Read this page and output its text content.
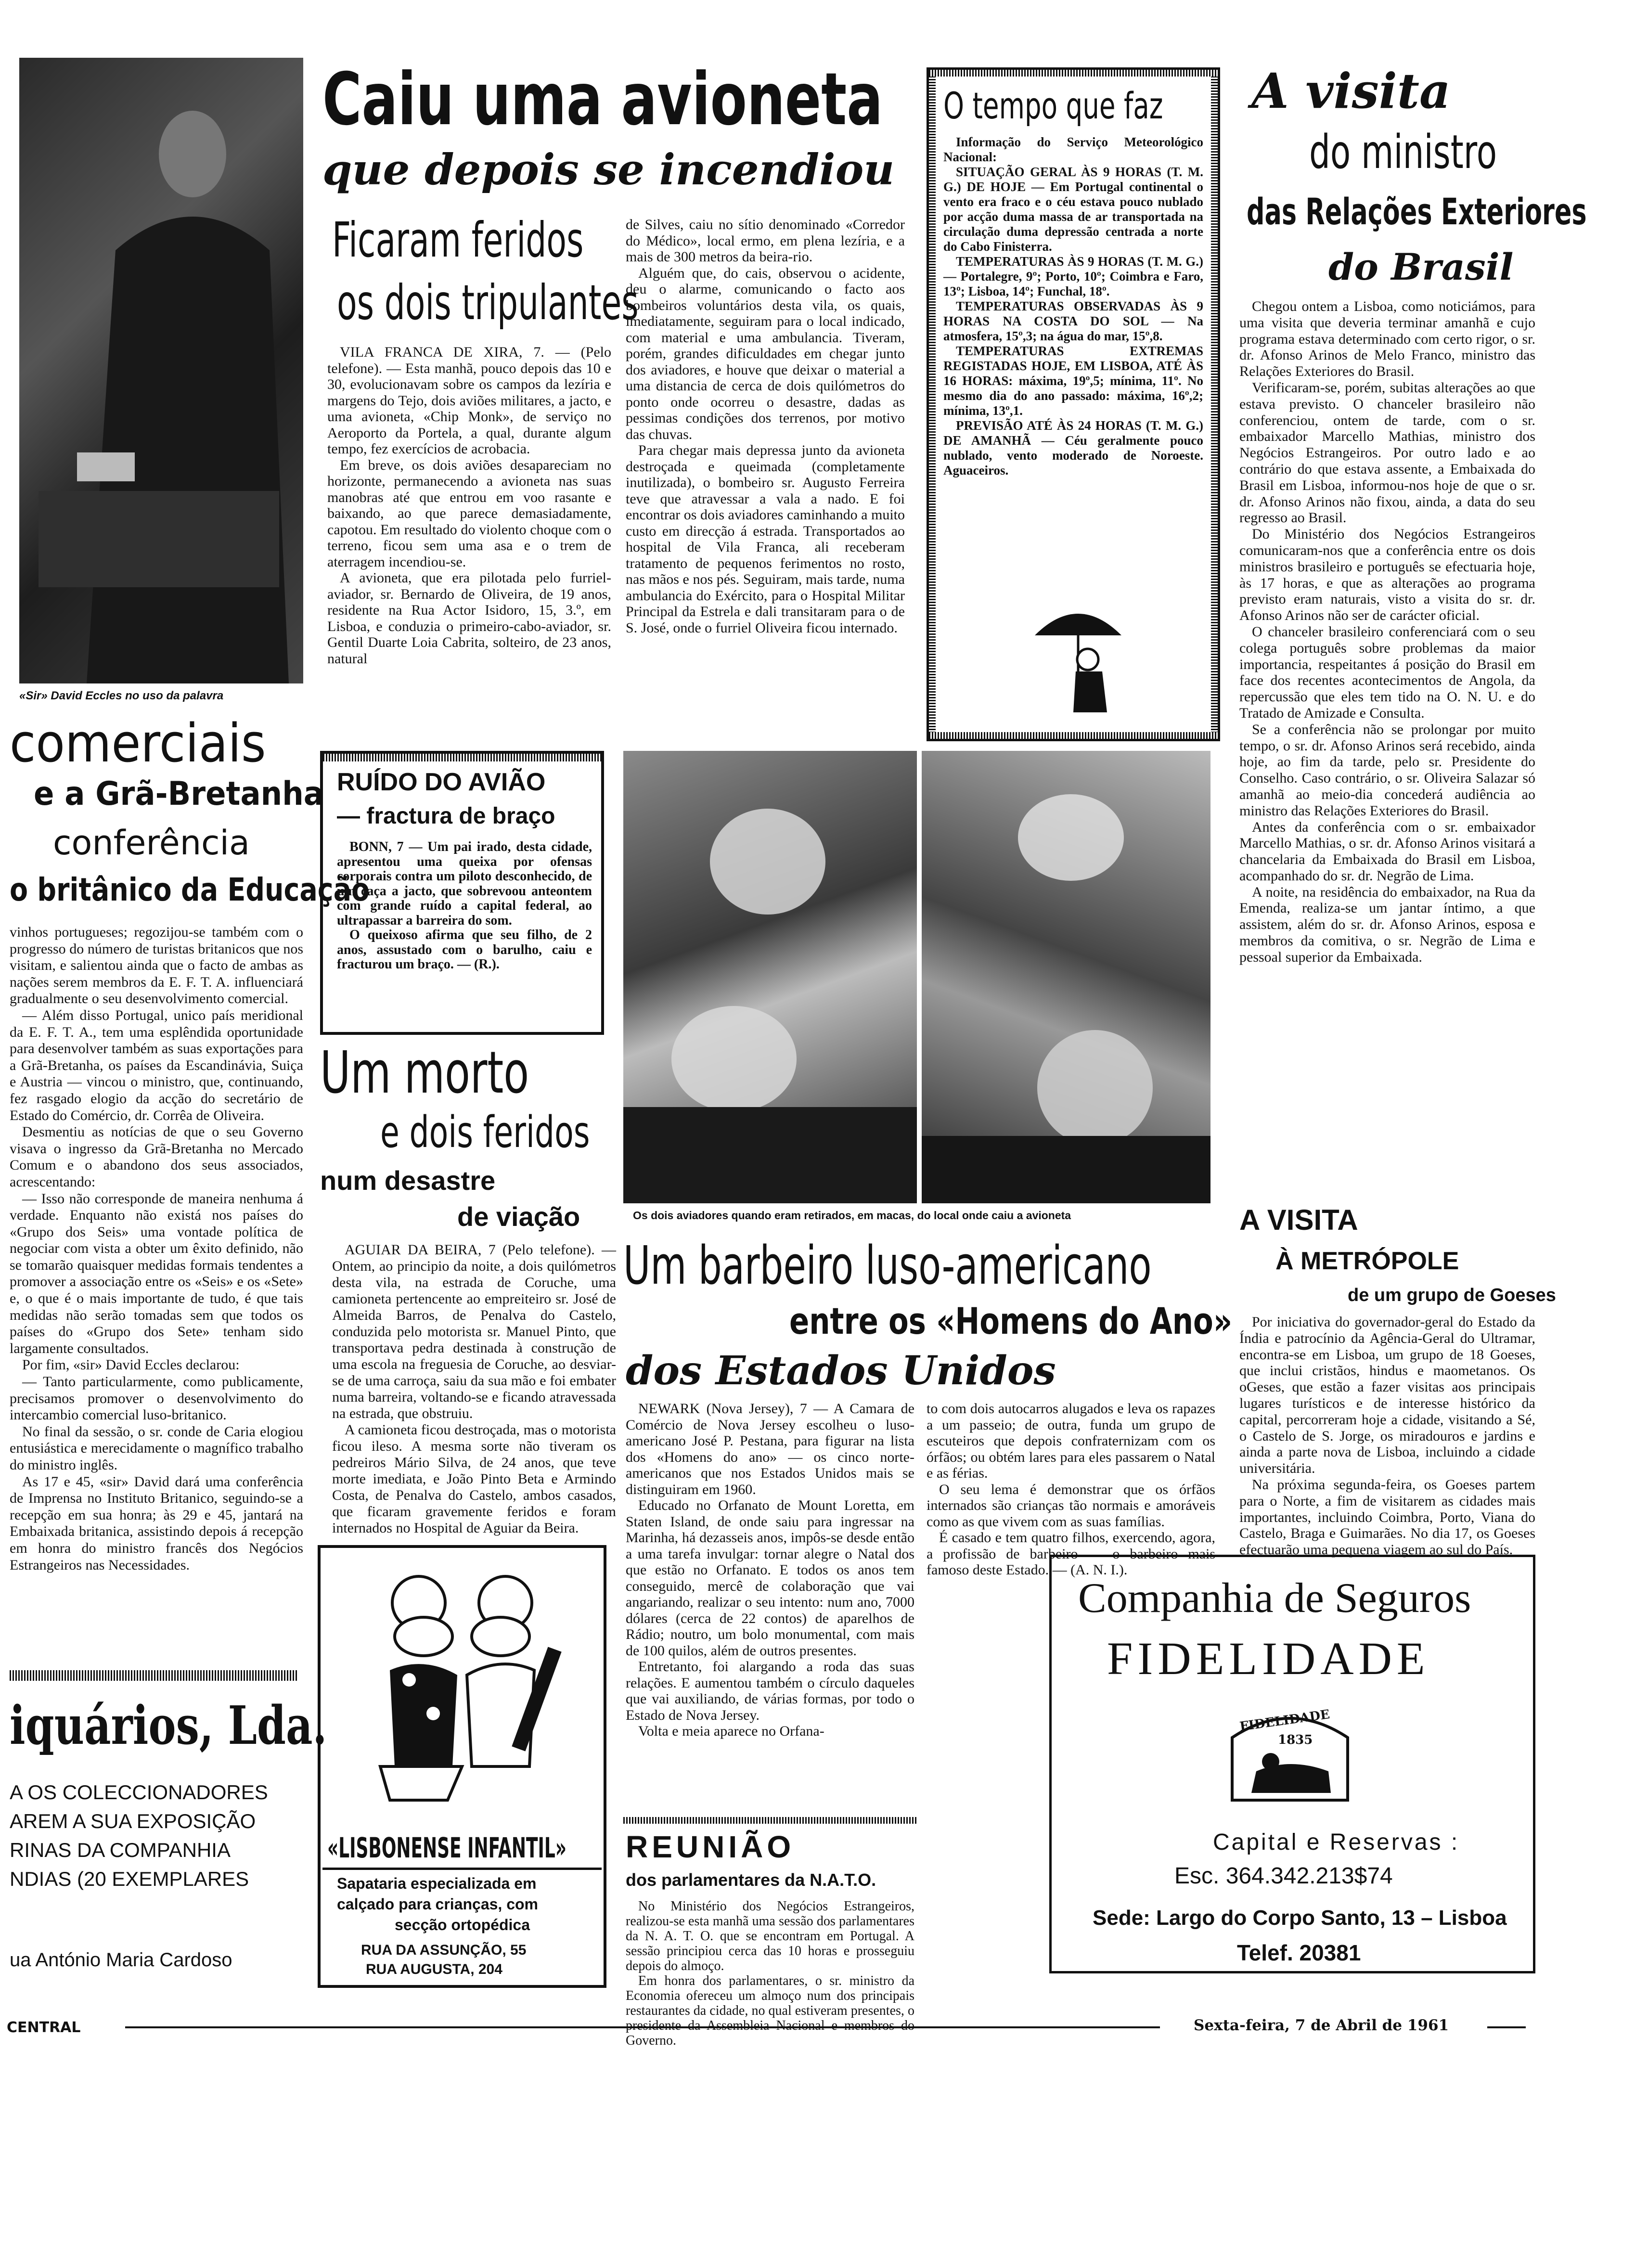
«Sir» David Eccles no uso da palavra
comerciais
e a Grã-Bretanha
conferência
o britânico da Educação

vinhos portugueses; regozijou-se também com o progresso do número de turistas britanicos que nos visitam, e salientou ainda que o facto de ambas as nações serem membros da E. F. T. A. influenciará gradualmente o seu desenvolvimento comercial.

— Além disso Portugal, unico país meridional da E. F. T. A., tem uma esplêndida oportunidade para desenvolver também as suas exportações para a Grã-Bretanha, os países da Escandinávia, Suiça e Austria — vincou o ministro, que, continuando, fez rasgado elogio da acção do secretário de Estado do Comércio, dr. Corrêa de Oliveira.

Desmentiu as notícias de que o seu Governo visava o ingresso da Grã-Bretanha no Mercado Comum e o abandono dos seus associados, acrescentando:

— Isso não corresponde de maneira nenhuma á verdade. Enquanto não existá nos países do «Grupo dos Seis» uma vontade política de negociar com vista a obter um êxito definido, não se tomarão quaisquer medidas formais tendentes a promover a associação entre os «Seis» e os «Sete» e, o que é o mais importante de tudo, é que tais medidas não serão tomadas sem que todos os países do «Grupo dos Sete» tenham sido largamente consultados.

Por fim, «sir» David Eccles declarou:

— Tanto particularmente, como publicamente, precisamos promover o desenvolvimento do intercambio comercial luso-britanico.

No final da sessão, o sr. conde de Caria elogiou entusiástica e merecidamente o magnífico trabalho do ministro inglês.

As 17 e 45, «sir» David dará uma conferência de Imprensa no Instituto Britanico, seguindo-se a recepção em sua honra; às 29 e 45, jantará na Embaixada britanica, assistindo depois á recepção em honra do ministro francês dos Negócios Estrangeiros nas Necessidades.

iquários, Lda.
A OS COLECCIONADORES
AREM A SUA EXPOSIÇÃO
RINAS DA COMPANHIA
NDIAS (20 EXEMPLARES
ua António Maria Cardoso
CENTRAL	Sexta-feira, 7 de Abril de 1961
Caiu uma avioneta
que depois se incendiou
Ficaram feridos
os dois tripulantes

VILA FRANCA DE XIRA, 7. — (Pelo telefone). — Esta manhã, pouco depois das 10 e 30, evolucionavam sobre os campos da lezíria e margens do Tejo, dois aviões militares, a jacto, e uma avioneta, «Chip Monk», de serviço no Aeroporto da Portela, a qual, durante algum tempo, fez exercícios de acrobacia.

Em breve, os dois aviões desapareciam no horizonte, permanecendo a avioneta nas suas manobras até que entrou em voo rasante e baixando, ao que parece demasiadamente, capotou. Em resultado do violento choque com o terreno, ficou sem uma asa e o trem de aterragem incendiou-se.

A avioneta, que era pilotada pelo furriel-aviador, sr. Bernardo de Oliveira, de 19 anos, residente na Rua Actor Isidoro, 15, 3.º, em Lisboa, e conduzia o primeiro-cabo-aviador, sr. Gentil Duarte Loia Cabrita, solteiro, de 23 anos, natural

de Silves, caiu no sítio denominado «Corredor do Médico», local ermo, em plena lezíria, e a mais de 300 metros da beira-rio.

Alguém que, do cais, observou o acidente, deu o alarme, comunicando o facto aos bombeiros voluntários desta vila, os quais, imediatamente, seguiram para o local indicado, com material e uma ambulancia. Tiveram, porém, grandes dificuldades em chegar junto dos aviadores, e houve que deixar o material a uma distancia de cerca de dois quilómetros do ponto onde ocorreu o desastre, dadas as pessimas condições dos terrenos, por motivo das chuvas.

Para chegar mais depressa junto da avioneta destroçada e queimada (completamente inutilizada), o bombeiro sr. Augusto Ferreira teve que atravessar a vala a nado. E foi encontrar os dois aviadores caminhando a muito custo em direcção á estrada. Transportados ao hospital de Vila Franca, ali receberam tratamento de pequenos ferimentos no rosto, nas mãos e nos pés. Seguiram, mais tarde, numa ambulancia do Exército, para o Hospital Militar Principal da Estrela e dali transitaram para o de S. José, onde o furriel Oliveira ficou internado.

RUÍDO DO AVIÃO
— fractura de braço

BONN, 7 — Um pai irado, desta cidade, apresentou uma queixa por ofensas corporais contra um piloto desconhecido, de um caça a jacto, que sobrevoou anteontem com grande ruído a capital federal, ao ultrapassar a barreira do som.

O queixoso afirma que seu filho, de 2 anos, assustado com o barulho, caiu e fracturou um braço. — (R.).

Um morto
e dois feridos
num desastre
de viação

AGUIAR DA BEIRA, 7 (Pelo telefone). — Ontem, ao principio da noite, a dois quilómetros desta vila, na estrada de Coruche, uma camioneta pertencente ao empreiteiro sr. José de Almeida Barros, de Penalva do Castelo, conduzida pelo motorista sr. Manuel Pinto, que transportava pedra destinada à construção de uma escola na freguesia de Coruche, ao desviar-se de uma carroça, saiu da sua mão e foi embater numa barreira, voltando-se e ficando atravessada na estrada, que obstruiu.

A camioneta ficou destroçada, mas o motorista ficou ileso. A mesma sorte não tiveram os pedreiros Mário Silva, de 24 anos, que teve morte imediata, e João Pinto Beta e Armindo Costa, de Penalva do Castelo, ambos casados, que ficaram gravemente feridos e foram internados no Hospital de Aguiar da Beira.

«LISBONENSE INFANTIL»
Sapataria especializada em
calçado para crianças, com
secção ortopédica
RUA DA ASSUNÇÃO, 55
RUA AUGUSTA, 204
O tempo que faz

Informação do Serviço Meteorológico Nacional:

SITUAÇÃO GERAL ÀS 9 HORAS (T. M. G.) DE HOJE — Em Portugal continental o vento era fraco e o céu estava pouco nublado por acção duma massa de ar transportada na circulação duma depressão centrada a norte do Cabo Finisterra.

TEMPERATURAS ÀS 9 HORAS (T. M. G.) — Portalegre, 9º; Porto, 10º; Coimbra e Faro, 13º; Lisboa, 14º; Funchal, 18º.

TEMPERATURAS OBSERVADAS ÀS 9 HORAS NA COSTA DO SOL — Na atmosfera, 15º,3; na água do mar, 15º,8.

TEMPERATURAS EXTREMAS REGISTADAS HOJE, EM LISBOA, ATÉ ÀS 16 HORAS: máxima, 19º,5; mínima, 11º. No mesmo dia do ano passado: máxima, 16º,2; mínima, 13º,1.

PREVISÃO ATÉ ÀS 24 HORAS (T. M. G.) DE AMANHÃ — Céu geralmente pouco nublado, vento moderado de Noroeste. Aguaceiros.

Os dois aviadores quando eram retirados, em macas, do local onde caiu a avioneta
Um barbeiro luso-americano
entre os «Homens do Ano»
dos Estados Unidos

NEWARK (Nova Jersey), 7 — A Camara de Comércio de Nova Jersey escolheu o luso-americano José P. Pestana, para figurar na lista dos «Homens do ano» — os cinco norte-americanos que nos Estados Unidos mais se distinguiram em 1960.

Educado no Orfanato de Mount Loretta, em Staten Island, de onde saiu para ingressar na Marinha, há dezasseis anos, impôs-se desde então a uma tarefa invulgar: tornar alegre o Natal dos que estão no Orfanato. E todos os anos tem conseguido, mercê de colaboração que vai angariando, realizar o seu intento: num ano, 7000 dólares (cerca de 22 contos) de aparelhos de Rádio; noutro, um bolo monumental, com mais de 100 quilos, além de outros presentes.

Entretanto, foi alargando a roda das suas relações. E aumentou também o círculo daqueles que vai auxiliando, de várias formas, por todo o Estado de Nova Jersey.

Volta e meia aparece no Orfana-

to com dois autocarros alugados e leva os rapazes a um passeio; de outra, funda um grupo de escuteiros que depois confraternizam com os órfãos; ou obtém lares para eles passarem o Natal e as férias.

O seu lema é demonstrar que os órfãos internados são crianças tão normais e amoráveis como as que vivem com as suas famílias.

É casado e tem quatro filhos, exercendo, agora, a profissão de barbeiro — o barbeiro mais famoso deste Estado. — (A. N. I.).

REUNIÃO
dos parlamentares da N.A.T.O.

No Ministério dos Negócios Estrangeiros, realizou-se esta manhã uma sessão dos parlamentares da N. A. T. O. que se encontram em Portugal. A sessão principiou cerca das 10 horas e prosseguiu depois do almoço.

Em honra dos parlamentares, o sr. ministro da Economia ofereceu um almoço num dos principais restaurantes da cidade, no qual estiveram presentes, o presidente da Assembleia Nacional e membros do Governo.

A visita
do ministro
das Relações Exteriores
do Brasil

Chegou ontem a Lisboa, como noticiámos, para uma visita que deveria terminar amanhã e cujo programa estava determinado com certo rigor, o sr. dr. Afonso Arinos de Melo Franco, ministro das Relações Exteriores do Brasil.

Verificaram-se, porém, subitas alterações ao que estava previsto. O chanceler brasileiro não conferenciou, ontem de tarde, com o sr. embaixador Marcello Mathias, ministro dos Negócios Estrangeiros. Por outro lado e ao contrário do que estava assente, a Embaixada do Brasil em Lisboa, informou-nos hoje de que o sr. dr. Afonso Arinos não fixou, ainda, a data do seu regresso ao Brasil.

Do Ministério dos Negócios Estrangeiros comunicaram-nos que a conferência entre os dois ministros brasileiro e português se efectuaria hoje, às 17 horas, e que as alterações ao programa previsto eram naturais, visto a visita do sr. dr. Afonso Arinos não ser de carácter oficial.

O chanceler brasileiro conferenciará com o seu colega português sobre problemas da maior importancia, respeitantes á posição do Brasil em face dos recentes acontecimentos de Angola, da repercussão que eles tem tido na O. N. U. e do Tratado de Amizade e Consulta.

Se a conferência não se prolongar por muito tempo, o sr. dr. Afonso Arinos será recebido, ainda hoje, ao fim da tarde, pelo sr. Presidente do Conselho. Caso contrário, o sr. Oliveira Salazar só amanhã ao meio-dia concederá audiência ao ministro das Relações Exteriores do Brasil.

Antes da conferência com o sr. embaixador Marcello Mathias, o sr. dr. Afonso Arinos visitará a chancelaria da Embaixada do Brasil em Lisboa, acompanhado do sr. dr. Negrão de Lima.

A noite, na residência do embaixador, na Rua da Emenda, realiza-se um jantar íntimo, a que assistem, além do sr. dr. Afonso Arinos, esposa e membros da comitiva, o sr. Negrão de Lima e pessoal superior da Embaixada.

A VISITA
À METRÓPOLE
de um grupo de Goeses

Por iniciativa do governador-geral do Estado da Índia e patrocínio da Agência-Geral do Ultramar, encontra-se em Lisboa, um grupo de 18 Goeses, que inclui cristãos, hindus e maometanos. Os oGeses, que estão a fazer visitas aos principais lugares turísticos e de interesse histórico da capital, percorreram hoje a cidade, visitando a Sé, o Castelo de S. Jorge, os miradouros e jardins e ainda a parte nova de Lisboa, incluindo a cidade universitária.

Na próxima segunda-feira, os Goeses partem para o Norte, a fim de visitarem as cidades mais importantes, incluindo Coimbra, Porto, Viana do Castelo, Braga e Guimarães. No dia 17, os Goeses efectuarão uma pequena viagem ao sul do País.

Companhia de Seguros
FIDELIDADE
FIDELIDADE
1835
Capital e Reservas :
Esc. 364.342.213$74
Sede: Largo do Corpo Santo, 13 – Lisboa
Telef. 20381
